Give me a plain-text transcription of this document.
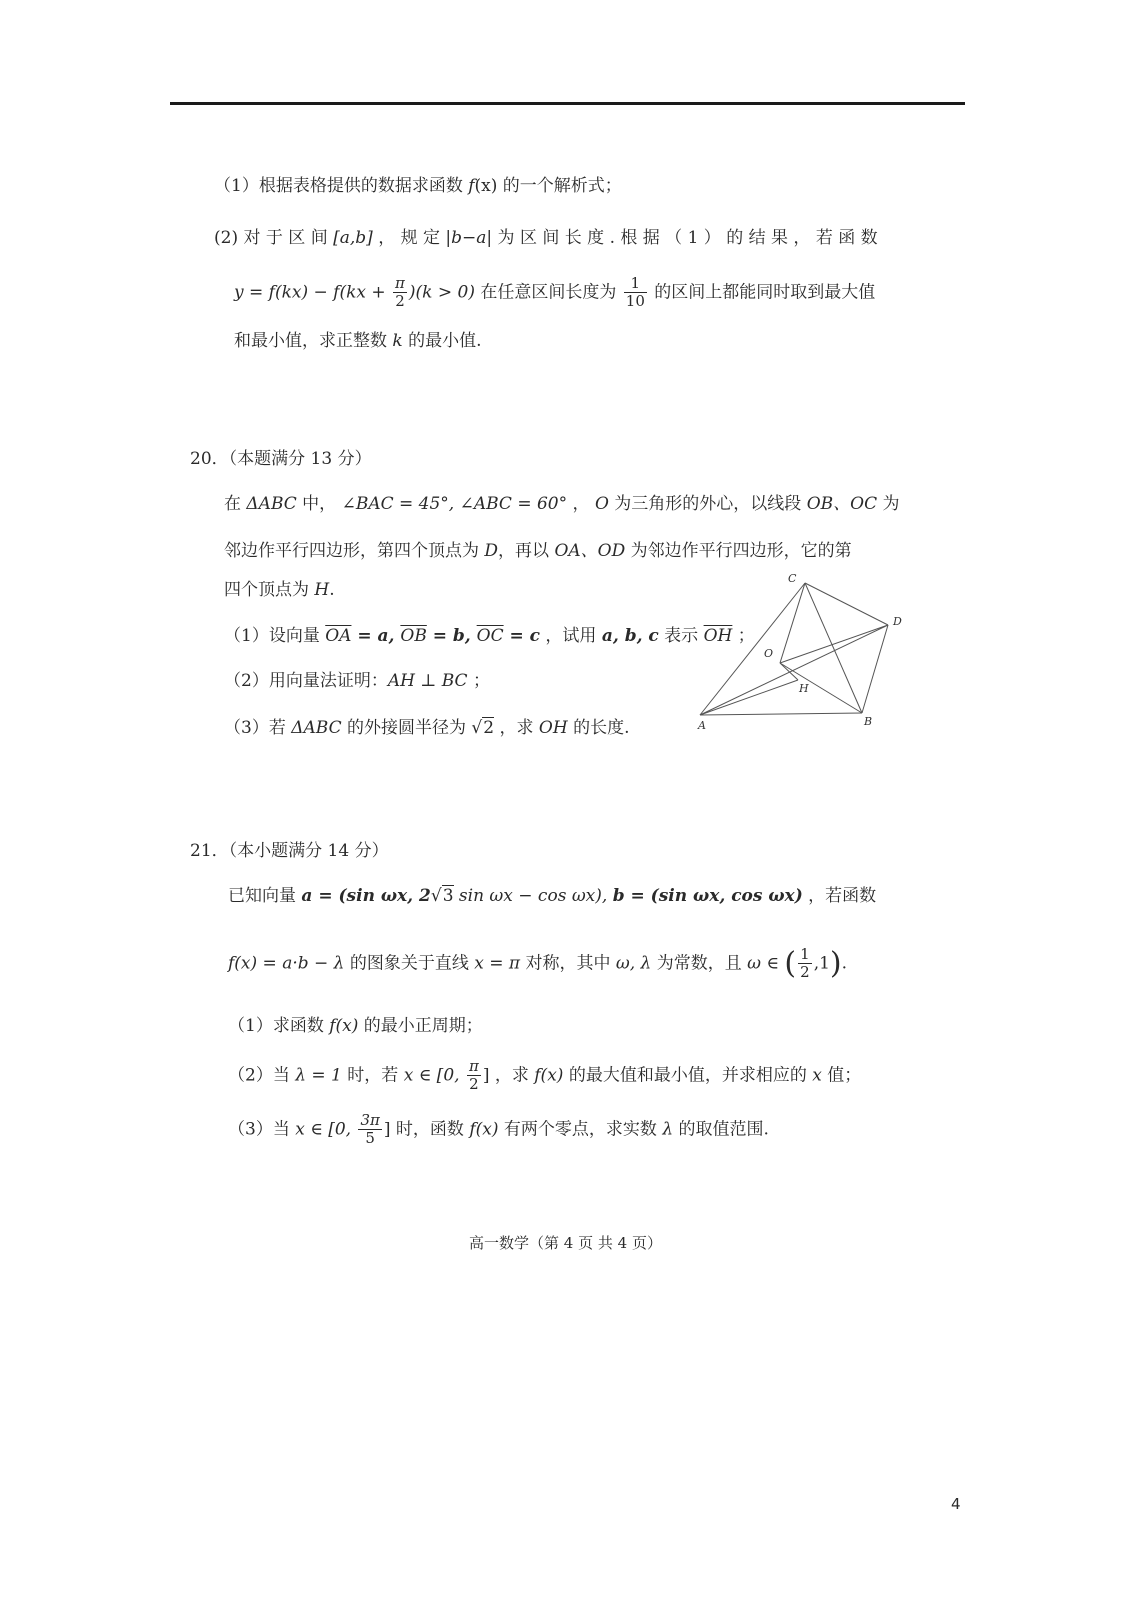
（1）根据表格提供的数据求函数 f(x) 的一个解析式；
(2) 对 于 区 间 [a,b] ， 规 定 |b−a| 为 区 间 长 度 . 根 据 （ 1 ） 的 结 果 ， 若 函 数
$y = f(kx) - f(kx + \frac{\pi}{2} )(k > 0)$ 在任意区间长度为 $\frac{1}{10}$ 的区间上都能同时取到最大值
和最小值，求正整数 k 的最小值.
20．（本题满分 13 分）
在 ΔABC 中， ∠BAC = 45°, ∠ABC = 60° ， O 为三角形的外心，以线段 OB、OC 为
邻边作平行四边形，第四个顶点为 D，再以 OA、OD 为邻边作平行四边形，它的第
四个顶点为 H.
（1）设向量 $\overline{OA} = a$, $\overline{OB} = b$, $\overline{OC} = c$ ，试用 a, b, c 表示 $\overline{OH}$ ；
（2）用向量法证明：AH ⊥ BC ；
（3）若 ΔABC 的外接圆半径为 √2 ，求 OH 的长度.
C
D
O
H
A	B
21．（本小题满分 14 分）
已知向量 a = (sin ωx, 2√3 sin ωx − cos ωx), b = (sin ωx, cos ωx) ，若函数
f(x) = a·b − λ 的图象关于直线 x = π 对称，其中 ω, λ 为常数，且 ω ∈ ( $\frac{1}{2} ,1$).
（1）求函数 f(x) 的最小正周期；
（2）当 λ = 1 时，若 x ∈ [0, $\frac{\pi}{2}$ ] ，求 f(x) 的最大值和最小值，并求相应的 x 值；
（3）当 x ∈ [0, $\frac{3\pi}{5}$ ] 时，函数 f(x) 有两个零点，求实数 λ 的取值范围.
高一数学（第 4 页 共 4 页）
4
